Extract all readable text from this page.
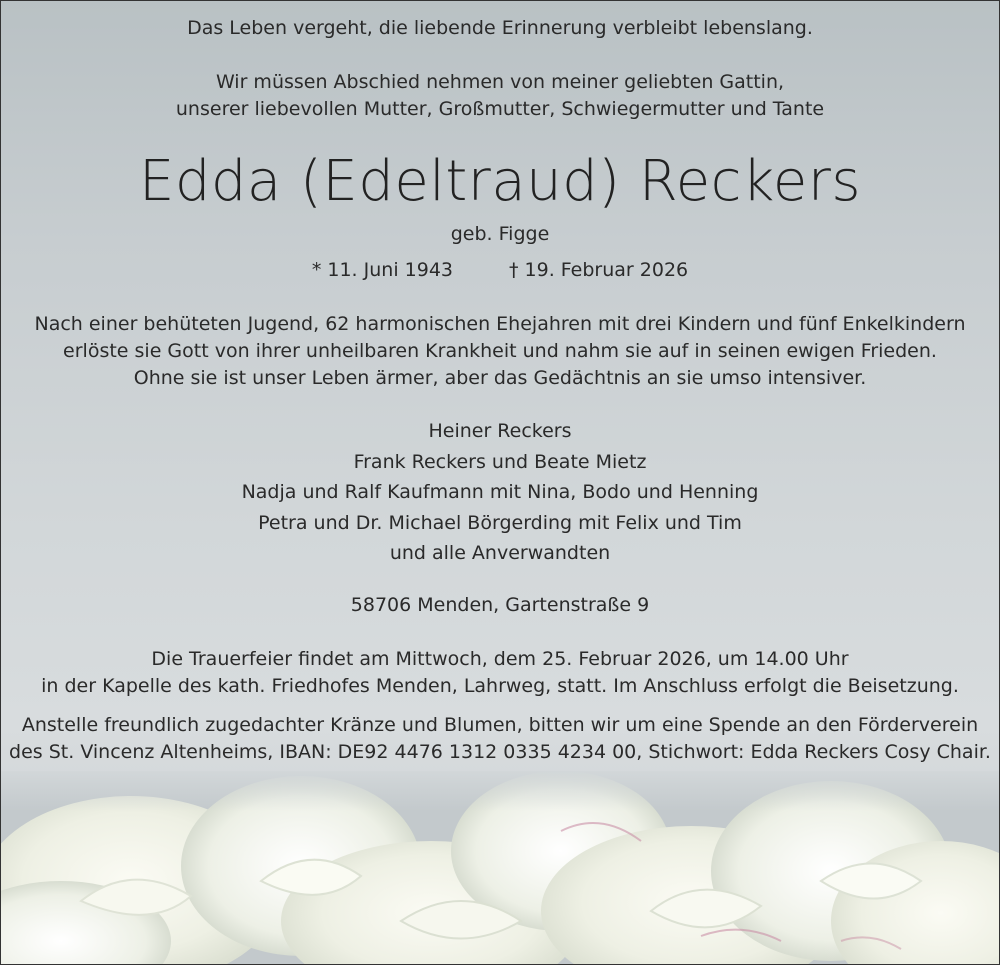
Das Leben vergeht, die liebende Erinnerung verbleibt lebenslang.
Wir müssen Abschied nehmen von meiner geliebten Gattin,
unserer liebevollen Mutter, Großmutter, Schwiegermutter und Tante
Edda (Edeltraud) Reckers
geb. Figge
* 11. Juni 1943	† 19. Februar 2026
Nach einer behüteten Jugend, 62 harmonischen Ehejahren mit drei Kindern und fünf Enkelkindern
erlöste sie Gott von ihrer unheilbaren Krankheit und nahm sie auf in seinen ewigen Frieden.
Ohne sie ist unser Leben ärmer, aber das Gedächtnis an sie umso intensiver.
Heiner Reckers
Frank Reckers und Beate Mietz
Nadja und Ralf Kaufmann mit Nina, Bodo und Henning
Petra und Dr. Michael Börgerding mit Felix und Tim
und alle Anverwandten
58706 Menden, Gartenstraße 9
Die Trauerfeier findet am Mittwoch, dem 25. Februar 2026, um 14.00 Uhr
in der Kapelle des kath. Friedhofes Menden, Lahrweg, statt. Im Anschluss erfolgt die Beisetzung.
Anstelle freundlich zugedachter Kränze und Blumen, bitten wir um eine Spende an den Förderverein
des St. Vincenz Altenheims, IBAN: DE92 4476 1312 0335 4234 00, Stichwort: Edda Reckers Cosy Chair.
